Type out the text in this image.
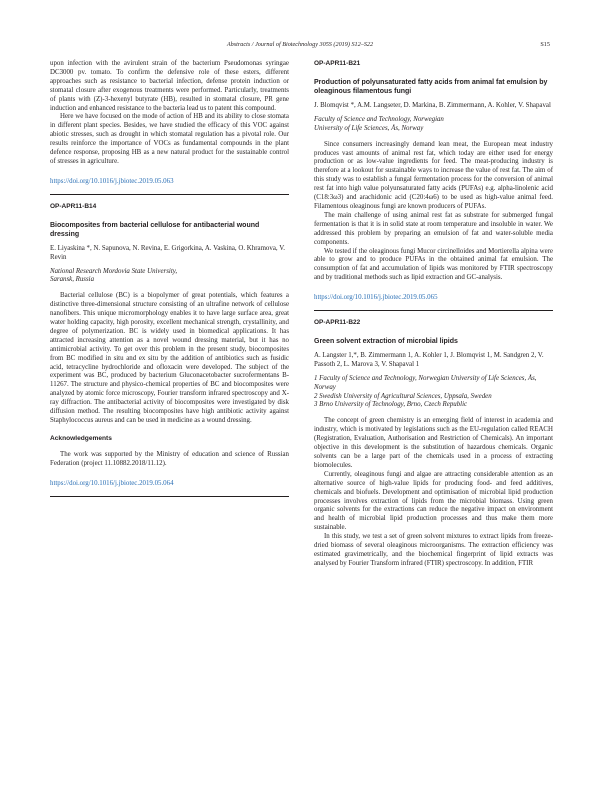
Abstracts / Journal of Biotechnology 305S (2019) S12–S22	S15

upon infection with the avirulent strain of the bacterium Pseudomonas syringae DC3000 pv. tomato. To confirm the defensive role of these esters, different approaches such as resistance to bacterial infection, defense protein induction or stomatal closure after exogenous treatments were performed. Particularly, treatments of plants with (Z)-3-hexenyl butyrate (HB), resulted in stomatal closure, PR gene induction and enhanced resistance to the bacteria lead us to patent this compound.

Here we have focused on the mode of action of HB and its ability to close stomata in different plant species. Besides, we have studied the efficacy of this VOC against abiotic stresses, such as drought in which stomatal regulation has a pivotal role. Our results reinforce the importance of VOCs as fundamental compounds in the plant defence response, proposing HB as a new natural product for the sustainable control of stresses in agriculture.

https://doi.org/10.1016/j.jbiotec.2019.05.063
OP-APR11-B14
Biocomposites from bacterial cellulose for antibacterial wound dressing
E. Liyaskina *, N. Sapunova, N. Revina, E. Grigorkina, A. Vaskina, O. Khramova, V. Revin
National Research Mordovia State University,
Saransk, Russia

Bacterial cellulose (BC) is a biopolymer of great potentials, which features a distinctive three-dimensional structure consisting of an ultrafine network of cellulose nanofibers. This unique micromorphology enables it to have large surface area, great water holding capacity, high porosity, excellent mechanical strength, crystallinity, and degree of polymerization. BC is widely used in biomedical applications. It has attracted increasing attention as a novel wound dressing material, but it has no antimicrobial activity. To get over this problem in the present study, biocomposites from BC modified in situ and ex situ by the addition of antibiotics such as fusidic acid, tetracycline hydrochloride and ofloxacin were developed. The subject of the experiment was BC, produced by bacterium Gluconacetobacter sucrofermentans B-11267. The structure and physico-chemical properties of BC and biocomposites were analyzed by atomic force microscopy, Fourier transform infrared spectroscopy and X-ray diffraction. The antibacterial activity of biocomposites were investigated by disk diffusion method. The resulting biocomposites have high antibiotic activity against Staphylococcus aureus and can be used in medicine as a wound dressing.

Acknowledgements

The work was supported by the Ministry of education and science of Russian Federation (project 11.10882.2018/11.12).

https://doi.org/10.1016/j.jbiotec.2019.05.064
OP-APR11-B21
Production of polyunsaturated fatty acids from animal fat emulsion by oleaginous filamentous fungi
J. Blomqvist *, A.M. Langseter, D. Markina, B. Zimmermann, A. Kohler, V. Shapaval
Faculty of Science and Technology, Norwegian
University of Life Sciences, Ås, Norway

Since consumers increasingly demand lean meat, the European meat industry produces vast amounts of animal rest fat, which today are either used for energy production or as low-value ingredients for feed. The meat-producing industry is therefore at a lookout for sustainable ways to increase the value of rest fat. The aim of this study was to establish a fungal fermentation process for the conversion of animal rest fat into high value polyunsaturated fatty acids (PUFAs) e.g. alpha-linolenic acid (C18:3ω3) and arachidonic acid (C20:4ω6) to be used as high-value animal feed. Filamentous oleaginous fungi are known producers of PUFAs.

The main challenge of using animal rest fat as substrate for submerged fungal fermentation is that it is in solid state at room temperature and insoluble in water. We addressed this problem by preparing an emulsion of fat and water-soluble media components.

We tested if the oleaginous fungi Mucor circinelloides and Mortierella alpina were able to grow and to produce PUFAs in the obtained animal fat emulsion. The consumption of fat and accumulation of lipids was monitored by FTIR spectroscopy and by traditional methods such as lipid extraction and GC-analysis.

https://doi.org/10.1016/j.jbiotec.2019.05.065
OP-APR11-B22
Green solvent extraction of microbial lipids
A. Langster 1,*, B. Zimmermann 1, A. Kohler 1, J. Blomqvist 1, M. Sandgren 2, V. Passoth 2, L. Marova 3, V. Shapaval 1
1 Faculty of Science and Technology, Norwegian University of Life Sciences, Ås, Norway
2 Swedish University of Agricultural Sciences, Uppsala, Sweden
3 Brno University of Technology, Brno, Czech Republic

The concept of green chemistry is an emerging field of interest in academia and industry, which is motivated by legislations such as the EU-regulation called REACH (Registration, Evaluation, Authorisation and Restriction of Chemicals). An important objective in this development is the substitution of hazardous chemicals. Organic solvents can be a large part of the chemicals used in a process of extracting biomolecules.

Currently, oleaginous fungi and algae are attracting considerable attention as an alternative source of high-value lipids for producing food- and feed additives, chemicals and biofuels. Development and optimisation of microbial lipid production processes involves extraction of lipids from the microbial biomass. Using green organic solvents for the extractions can reduce the negative impact on environment and health of microbial lipid production processes and thus make them more sustainable.

In this study, we test a set of green solvent mixtures to extract lipids from freeze-dried biomass of several oleaginous microorganisms. The extraction efficiency was estimated gravimetrically, and the biochemical fingerprint of lipid extracts was analysed by Fourier Transform infrared (FTIR) spectroscopy. In addition, FTIR
